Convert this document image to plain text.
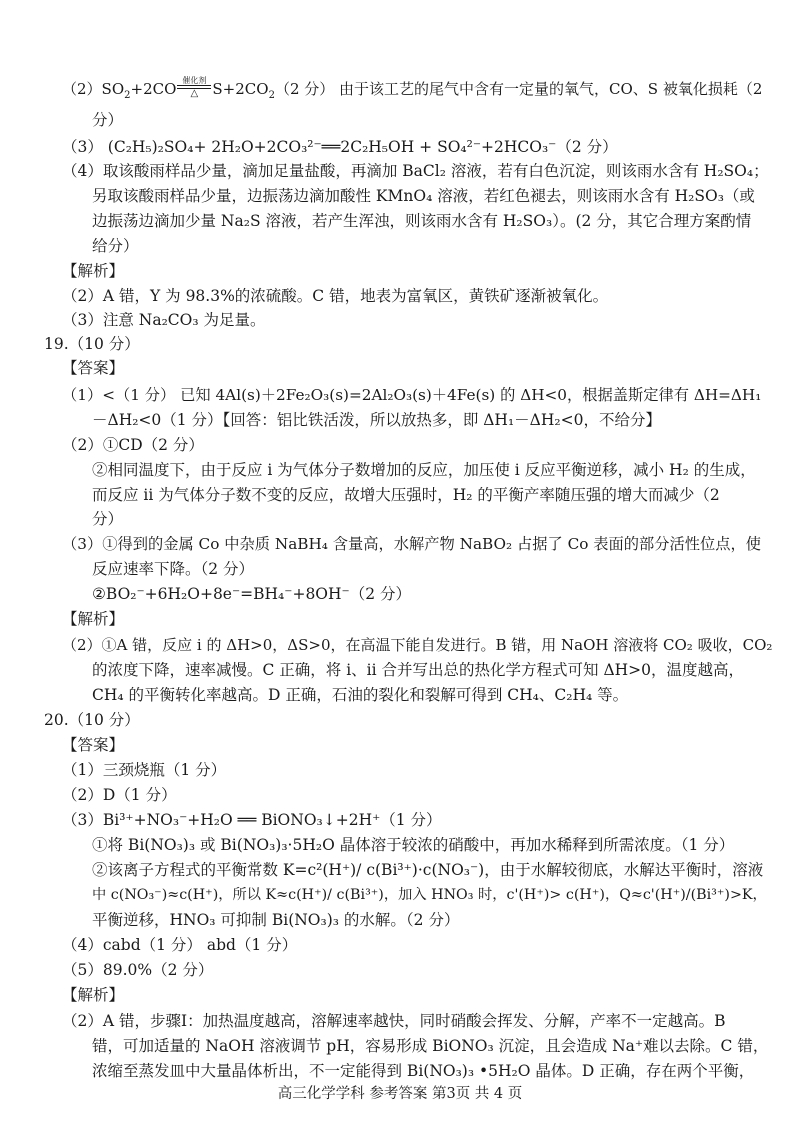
$(2)SO_2+2CO$ 催化剂
△ $S+2CO_2(2$ 分） 由于该工艺的尾气中含有一定量的氧气，CO、S 被氧化损耗（2
分）
（3） (C₂H₅)₂SO₄+ 2H₂O+2CO₃²⁻══2C₂H₅OH + SO₄²⁻+2HCO₃⁻（2 分）
（4）取该酸雨样品少量，滴加足量盐酸，再滴加 BaCl₂ 溶液，若有白色沉淀，则该雨水含有 H₂SO₄；
另取该酸雨样品少量，边振荡边滴加酸性 KMnO₄ 溶液，若红色褪去，则该雨水含有 H₂SO₃（或
边振荡边滴加少量 Na₂S 溶液，若产生浑浊，则该雨水含有 H₂SO₃）。(2 分，其它合理方案酌情
给分）
【解析】
（2）A 错，Y 为 98.3%的浓硫酸。C 错，地表为富氧区，黄铁矿逐渐被氧化。
（3）注意 Na₂CO₃ 为足量。
19.（10 分）
【答案】
（1）<（1 分） 已知 4Al(s)＋2Fe₂O₃(s)=2Al₂O₃(s)＋4Fe(s) 的 ΔH<0，根据盖斯定律有 ΔH=ΔH₁
－ΔH₂<0（1 分）【回答：铝比铁活泼，所以放热多，即 ΔH₁－ΔH₂<0，不给分】
（2）①CD（2 分）
②相同温度下，由于反应 i 为气体分子数增加的反应，加压使 i 反应平衡逆移，减小 H₂ 的生成，
而反应 ii 为气体分子数不变的反应，故增大压强时，H₂ 的平衡产率随压强的增大而减少（2
分）
（3）①得到的金属 Co 中杂质 NaBH₄ 含量高，水解产物 NaBO₂ 占据了 Co 表面的部分活性位点，使
反应速率下降。（2 分）
②BO₂⁻+6H₂O+8e⁻=BH₄⁻+8OH⁻（2 分）
【解析】
（2）①A 错，反应 i 的 ΔH>0，ΔS>0，在高温下能自发进行。B 错，用 NaOH 溶液将 CO₂ 吸收，CO₂
的浓度下降，速率减慢。C 正确，将 i、ii 合并写出总的热化学方程式可知 ΔH>0，温度越高，
CH₄ 的平衡转化率越高。D 正确，石油的裂化和裂解可得到 CH₄、C₂H₄ 等。
20.（10 分）
【答案】
（1）三颈烧瓶（1 分）
（2）D（1 分）
（3）Bi³⁺+NO₃⁻+H₂O ══ BiONO₃↓+2H⁺（1 分）
①将 Bi(NO₃)₃ 或 Bi(NO₃)₃·5H₂O 晶体溶于较浓的硝酸中，再加水稀释到所需浓度。（1 分）
②该离子方程式的平衡常数 K=c²(H⁺)/ c(Bi³⁺)·c(NO₃⁻)，由于水解较彻底，水解达平衡时，溶液
中 c(NO₃⁻)≈c(H⁺)，所以 K≈c(H⁺)/ c(Bi³⁺)，加入 HNO₃ 时，c'(H⁺)> c(H⁺)，Q≈c'(H⁺)/(Bi³⁺)>K，
平衡逆移，HNO₃ 可抑制 Bi(NO₃)₃ 的水解。（2 分）
（4）cabd（1 分） abd（1 分）
（5）89.0%（2 分）
【解析】
（2）A 错，步骤Ⅰ：加热温度越高，溶解速率越快，同时硝酸会挥发、分解，产率不一定越高。B
错，可加适量的 NaOH 溶液调节 pH，容易形成 BiONO₃ 沉淀，且会造成 Na⁺难以去除。C 错，
浓缩至蒸发皿中大量晶体析出，不一定能得到 Bi(NO₃)₃ •5H₂O 晶体。D 正确，存在两个平衡，
高三化学学科 参考答案 第3页 共 4 页
